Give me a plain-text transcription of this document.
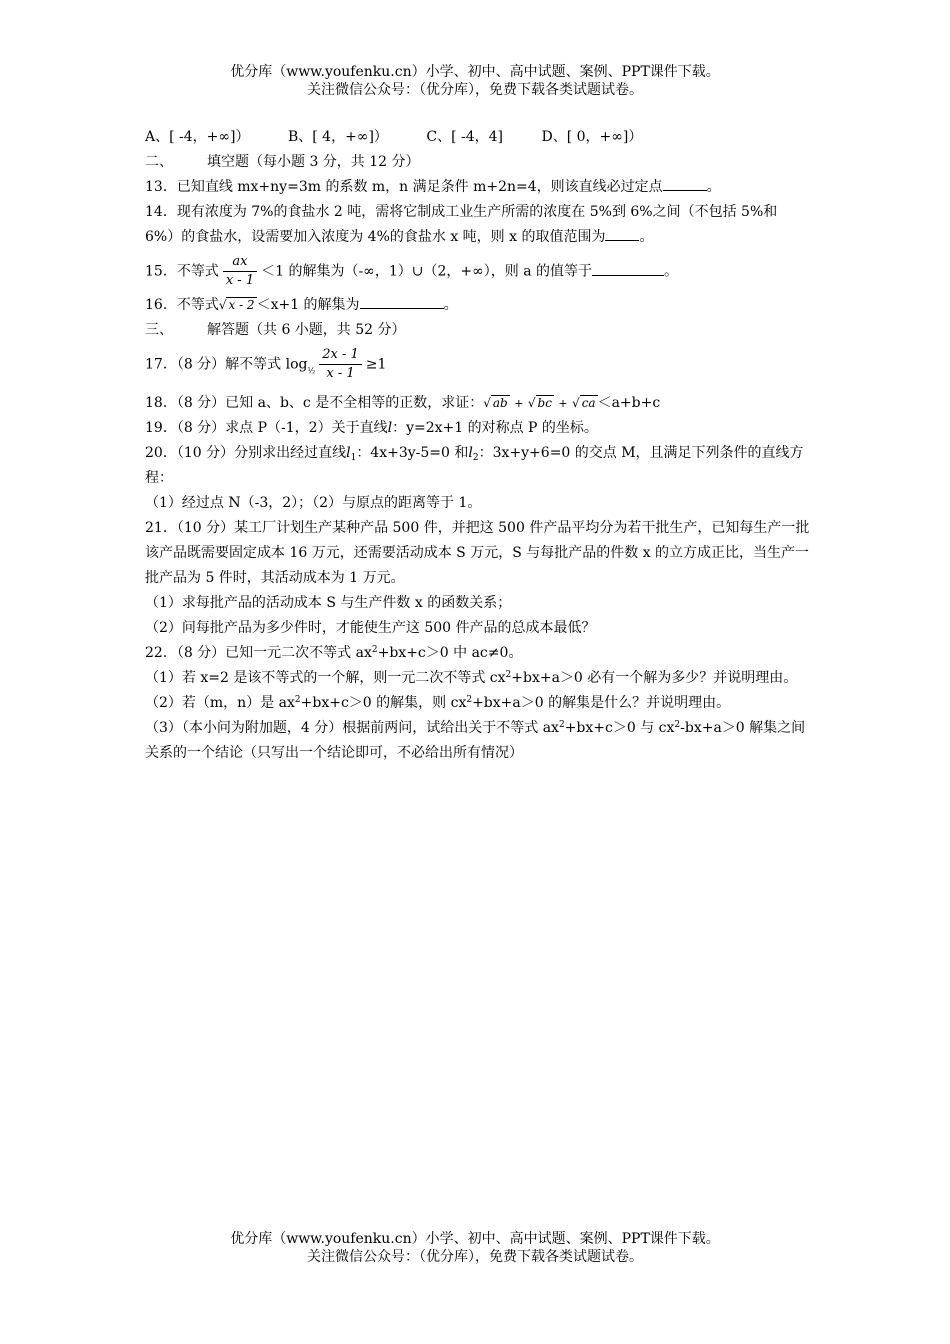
优分库（www.youfenku.cn）小学、初中、高中试题、案例、PPT课件下载。
关注微信公众号：（优分库），免费下载各类试题试卷。
A、[ -4，+∞]）	B、[ 4，+∞]）	C、[ -4，4]	D、[ 0，+∞]）
二、 填空题（每小题 3 分，共 12 分）
13．已知直线 mx+ny=3m 的系数 m，n 满足条件 m+2n=4，则该直线必过定点	。
14．现有浓度为 7%的食盐水 2 吨，需将它制成工业生产所需的浓度在 5%到 6%之间（不包括 5%和 6%）的食盐水，设需要加入浓度为 4%的食盐水 x 吨，则 x 的取值范围为 。
15．不等式 $\frac{ax}{x - 1} <1$ 的解集为（-∞，1）∪（2，+∞），则 a 的值等于	。
16．不等式√ x - 2 ＜x+1 的解集为	。
三、 解答题（共 6 小题，共 52 分）
17．（8 分）解不等式 $\log_{\frac{1}{2}} \frac{2x - 1}{x - 1} \ge 1$
18．（8 分）已知 a、b、c 是不全相等的正数，求证：√ ab + √ bc + √ ca ＜a+b+c
19．（8 分）求点 P（-1，2）关于直线l：y=2x+1 的对称点 P 的坐标。
20．（10 分）分别求出经过直线$l_1$：4x+3y-5=0 和$l_2$：3x+y+6=0 的交点 M，且满足下列条件的直线方程：
（1）经过点 N（-3，2）；（2）与原点的距离等于 1。
21．（10 分）某工厂计划生产某种产品 500 件，并把这 500 件产品平均分为若干批生产，已知每生产一批该产品既需要固定成本 16 万元，还需要活动成本 S 万元，S 与每批产品的件数 x 的立方成正比，当生产一批产品为 5 件时，其活动成本为 1 万元。
（1）求每批产品的活动成本 S 与生产件数 x 的函数关系；
（2）问每批产品为多少件时，才能使生产这 500 件产品的总成本最低？
22．（8 分）已知一元二次不等式 $ax^2+bx+c>0$ 中 ac≠0。
（1）若 x=2 是该不等式的一个解，则一元二次不等式 $cx^2+bx+a>0$ 必有一个解为多少？并说明理由。
（2）若（m，n）是 $ax^2+bx+c>0$ 的解集，则 $cx^2+bx+a>0$ 的解集是什么？并说明理由。
（3）（本小问为附加题，4 分）根据前两问，试给出关于不等式 $ax^2+bx+c>0$ 与 $cx^2-bx+a>0$ 解集之间关系的一个结论（只写出一个结论即可，不必给出所有情况）
优分库（www.youfenku.cn）小学、初中、高中试题、案例、PPT课件下载。
关注微信公众号：（优分库），免费下载各类试题试卷。
